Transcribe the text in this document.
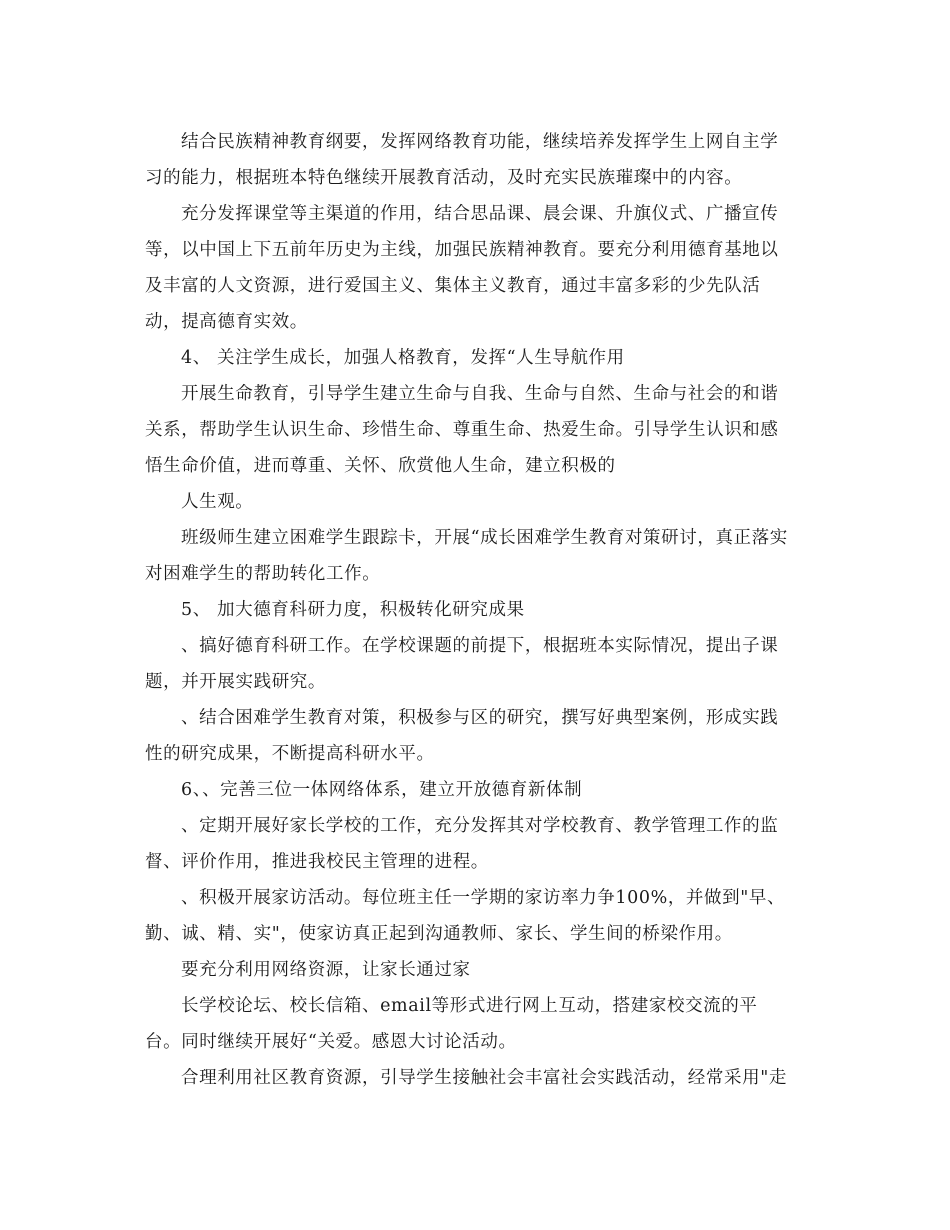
结合民族精神教育纲要，发挥网络教育功能，继续培养发挥学生上网自主学
习的能力，根据班本特色继续开展教育活动，及时充实民族璀璨中的内容。
充分发挥课堂等主渠道的作用，结合思品课、晨会课、升旗仪式、广播宣传
等，以中国上下五前年历史为主线，加强民族精神教育。要充分利用德育基地以
及丰富的人文资源，进行爱国主义、集体主义教育，通过丰富多彩的少先队活
动，提高德育实效。
4、 关注学生成长，加强人格教育，发挥“人生导航作用
开展生命教育，引导学生建立生命与自我、生命与自然、生命与社会的和谐
关系，帮助学生认识生命、珍惜生命、尊重生命、热爱生命。引导学生认识和感
悟生命价值，进而尊重、关怀、欣赏他人生命，建立积极的
人生观。
班级师生建立困难学生跟踪卡，开展“成长困难学生教育对策研讨，真正落实
对困难学生的帮助转化工作。
5、 加大德育科研力度，积极转化研究成果
、搞好德育科研工作。在学校课题的前提下，根据班本实际情况，提出子课
题，并开展实践研究。
、结合困难学生教育对策，积极参与区的研究，撰写好典型案例，形成实践
性的研究成果，不断提高科研水平。
6、、完善三位一体网络体系，建立开放德育新体制
、定期开展好家长学校的工作，充分发挥其对学校教育、教学管理工作的监
督、评价作用，推进我校民主管理的进程。
、积极开展家访活动。每位班主任一学期的家访率力争100%，并做到"早、
勤、诚、精、实"，使家访真正起到沟通教师、家长、学生间的桥梁作用。
要充分利用网络资源，让家长通过家
长学校论坛、校长信箱、email等形式进行网上互动，搭建家校交流的平
台。同时继续开展好“关爱。感恩大讨论活动。
合理利用社区教育资源，引导学生接触社会丰富社会实践活动，经常采用"走
